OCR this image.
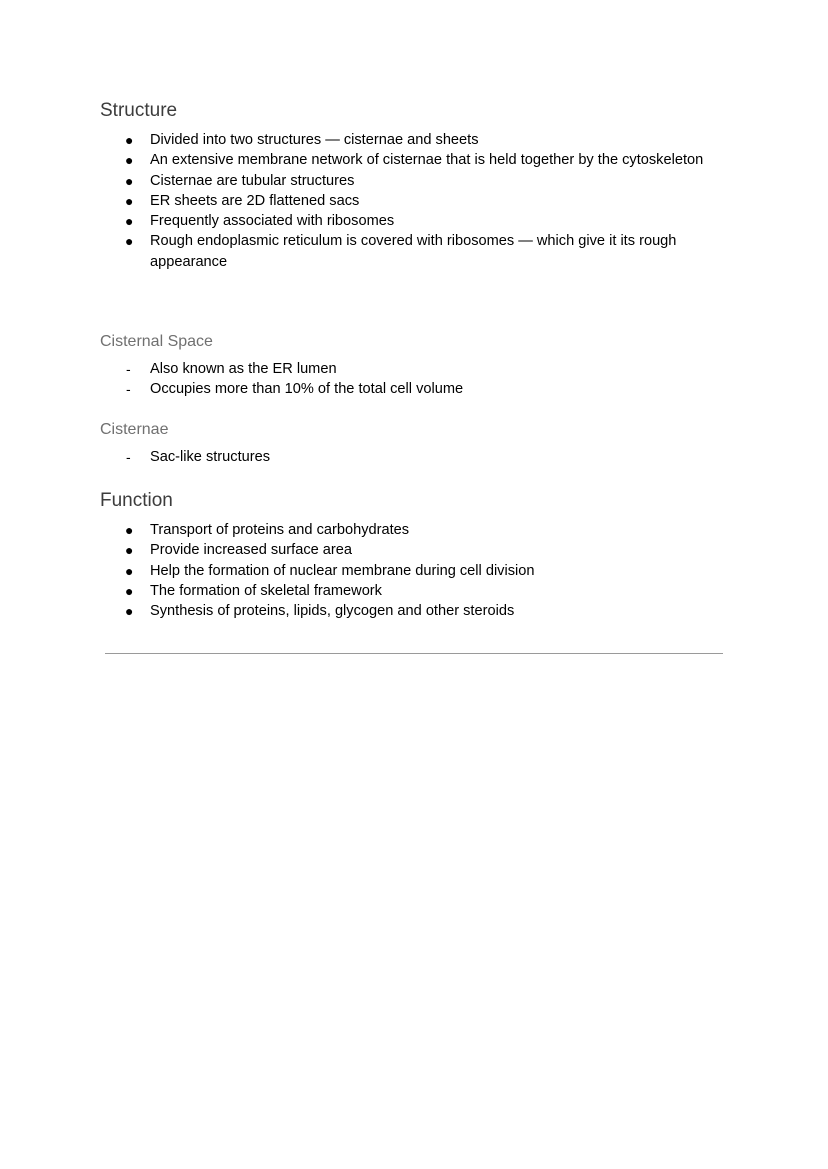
Structure
● Divided into two structures — cisternae and sheets
● An extensive membrane network of cisternae that is held together by the cytoskeleton
● Cisternae are tubular structures
● ER sheets are 2D flattened sacs
● Frequently associated with ribosomes
● Rough endoplasmic reticulum is covered with ribosomes — which give it its rough appearance
Cisternal Space
- Also known as the ER lumen
- Occupies more than 10% of the total cell volume
Cisternae
- Sac-like structures
Function
● Transport of proteins and carbohydrates
● Provide increased surface area
● Help the formation of nuclear membrane during cell division
● The formation of skeletal framework
● Synthesis of proteins, lipids, glycogen and other steroids
